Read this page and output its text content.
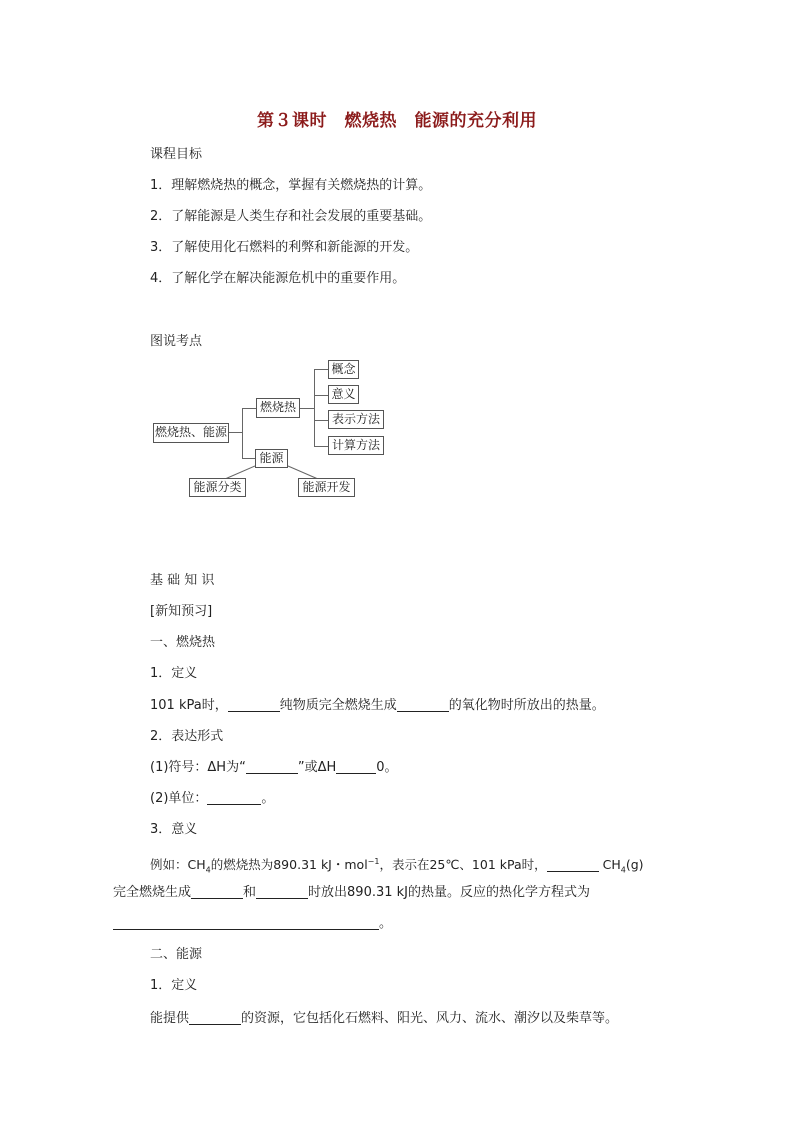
第３课时　燃烧热　能源的充分利用
课程目标
1．理解燃烧热的概念，掌握有关燃烧热的计算。
2．了解能源是人类生存和社会发展的重要基础。
3．了解使用化石燃料的利弊和新能源的开发。
4．了解化学在解决能源危机中的重要作用。
图说考点
燃烧热、能源
燃烧热
能源
概念
意义
表示方法
计算方法
能源分类	能源开发
基 础 知 识
[新知预习]
一、燃烧热
1．定义
101 kPa时，	纯物质完全燃烧生成	的氧化物时所放出的热量。
2．表达形式
(1)符号：ΔH为“	”或ΔH	0。
(2)单位：	。
3．意义
例如：$CH_4$的燃烧热为890.31 kJ・mol$^{-1}$，表示在25℃、101 kPa时，	$CH_4(g)$
完全燃烧生成	和	时放出890.31 kJ的热量。反应的热化学方程式为
。
二、能源
1．定义
能提供	的资源，它包括化石燃料、阳光、风力、流水、潮汐以及柴草等。
